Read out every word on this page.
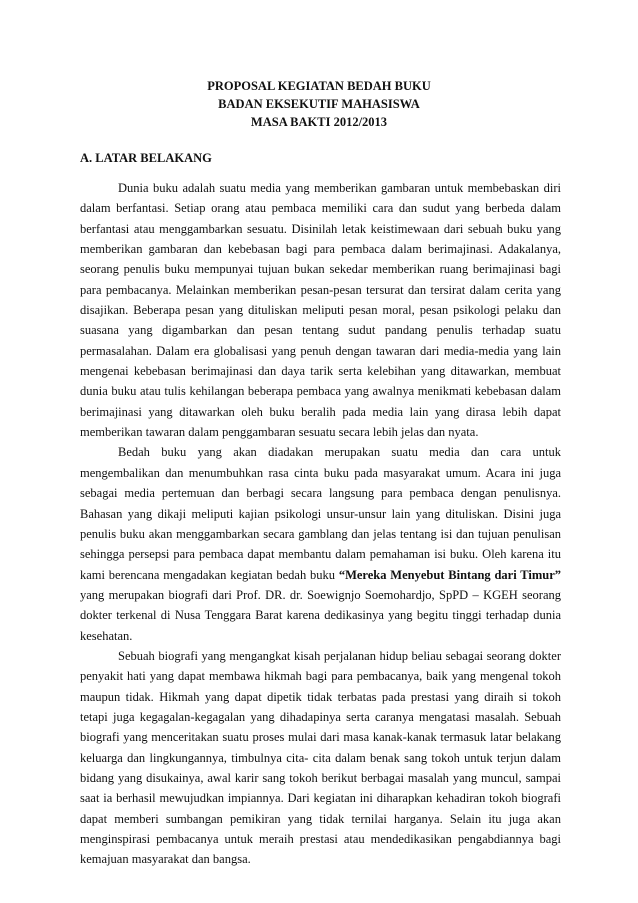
PROPOSAL KEGIATAN BEDAH BUKU
BADAN EKSEKUTIF MAHASISWA
MASA BAKTI 2012/2013
A. LATAR BELAKANG

Dunia buku adalah suatu media yang memberikan gambaran untuk membebaskan diri dalam berfantasi. Setiap orang atau pembaca memiliki cara dan sudut yang berbeda dalam berfantasi atau menggambarkan sesuatu. Disinilah letak keistimewaan dari sebuah buku yang memberikan gambaran dan kebebasan bagi para pembaca dalam berimajinasi. Adakalanya, seorang penulis buku mempunyai tujuan bukan sekedar memberikan ruang berimajinasi bagi para pembacanya. Melainkan memberikan pesan-pesan tersurat dan tersirat dalam cerita yang disajikan. Beberapa pesan yang dituliskan meliputi pesan moral, pesan psikologi pelaku dan suasana yang digambarkan dan pesan tentang sudut pandang penulis terhadap suatu permasalahan. Dalam era globalisasi yang penuh dengan tawaran dari media-media yang lain mengenai kebebasan berimajinasi dan daya tarik serta kelebihan yang ditawarkan, membuat dunia buku atau tulis kehilangan beberapa pembaca yang awalnya menikmati kebebasan dalam berimajinasi yang ditawarkan oleh buku beralih pada media lain yang dirasa lebih dapat memberikan tawaran dalam penggambaran sesuatu secara lebih jelas dan nyata.

Bedah buku yang akan diadakan merupakan suatu media dan cara untuk mengembalikan dan menumbuhkan rasa cinta buku pada masyarakat umum. Acara ini juga sebagai media pertemuan dan berbagi secara langsung para pembaca dengan penulisnya. Bahasan yang dikaji meliputi kajian psikologi unsur-unsur lain yang dituliskan. Disini juga penulis buku akan menggambarkan secara gamblang dan jelas tentang isi dan tujuan penulisan sehingga persepsi para pembaca dapat membantu dalam pemahaman isi buku. Oleh karena itu kami berencana mengadakan kegiatan bedah buku “Mereka Menyebut Bintang dari Timur” yang merupakan biografi dari Prof. DR. dr. Soewignjo Soemohardjo, SpPD – KGEH seorang dokter terkenal di Nusa Tenggara Barat karena dedikasinya yang begitu tinggi terhadap dunia kesehatan.

Sebuah biografi yang mengangkat kisah perjalanan hidup beliau sebagai seorang dokter penyakit hati yang dapat membawa hikmah bagi para pembacanya, baik yang mengenal tokoh maupun tidak. Hikmah yang dapat dipetik tidak terbatas pada prestasi yang diraih si tokoh tetapi juga kegagalan-kegagalan yang dihadapinya serta caranya mengatasi masalah. Sebuah biografi yang menceritakan suatu proses mulai dari masa kanak-kanak termasuk latar belakang keluarga dan lingkungannya, timbulnya cita- cita dalam benak sang tokoh untuk terjun dalam bidang yang disukainya, awal karir sang tokoh berikut berbagai masalah yang muncul, sampai saat ia berhasil mewujudkan impiannya. Dari kegiatan ini diharapkan kehadiran tokoh biografi dapat memberi sumbangan pemikiran yang tidak ternilai harganya. Selain itu juga akan menginspirasi pembacanya untuk meraih prestasi atau mendedikasikan pengabdiannya bagi kemajuan masyarakat dan bangsa.
